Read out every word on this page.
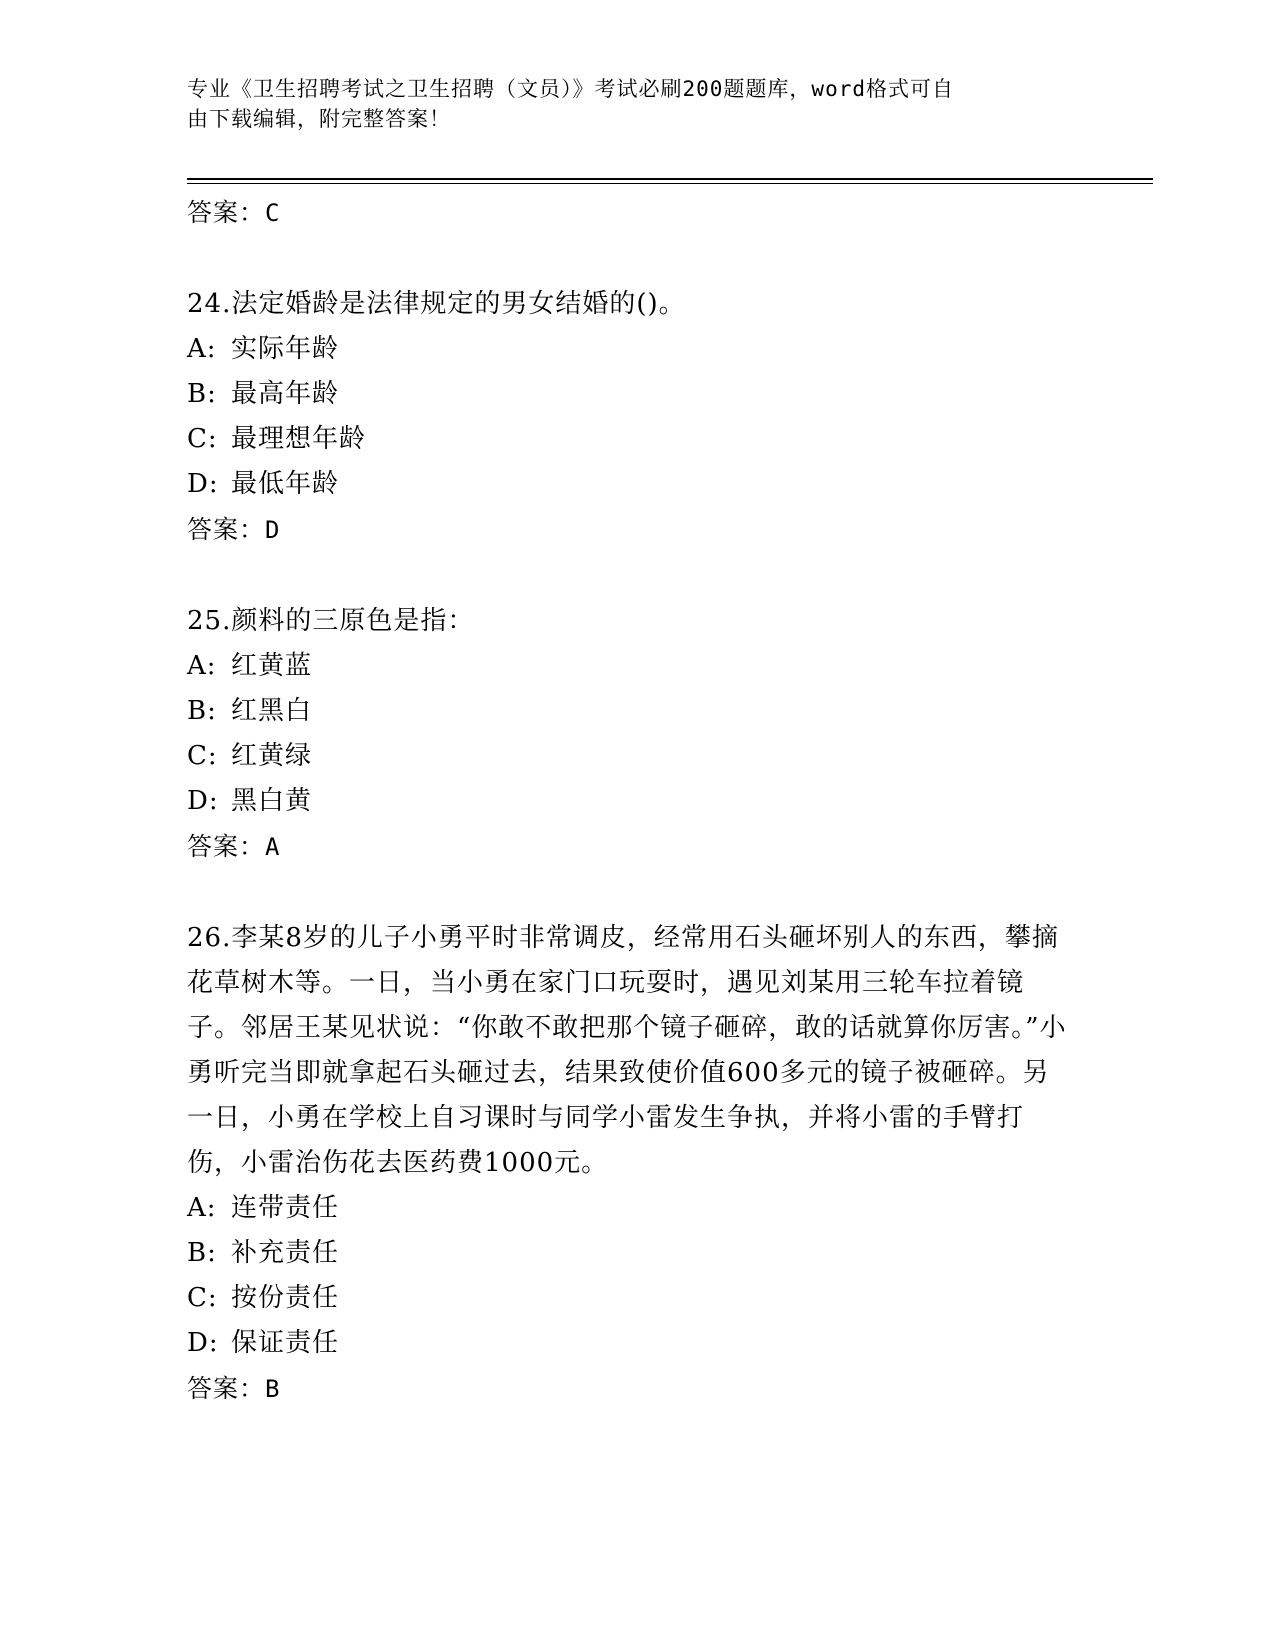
专业《卫生招聘考试之卫生招聘（文员）》考试必刷200题题库，word格式可自
由下载编辑，附完整答案！
答案：C
24.法定婚龄是法律规定的男女结婚的()。
A: 实际年龄
B: 最高年龄
C: 最理想年龄
D: 最低年龄
答案：D
25.颜料的三原色是指：
A: 红黄蓝
B: 红黑白
C: 红黄绿
D: 黑白黄
答案：A
26.李某8岁的儿子小勇平时非常调皮，经常用石头砸坏别人的东西，攀摘花草树木等。一日，当小勇在家门口玩耍时，遇见刘某用三轮车拉着镜子。邻居王某见状说：“你敢不敢把那个镜子砸碎，敢的话就算你厉害。”小勇听完当即就拿起石头砸过去，结果致使价值600多元的镜子被砸碎。另一日，小勇在学校上自习课时与同学小雷发生争执，并将小雷的手臂打伤，小雷治伤花去医药费1000元。
A: 连带责任
B: 补充责任
C: 按份责任
D: 保证责任
答案：B
